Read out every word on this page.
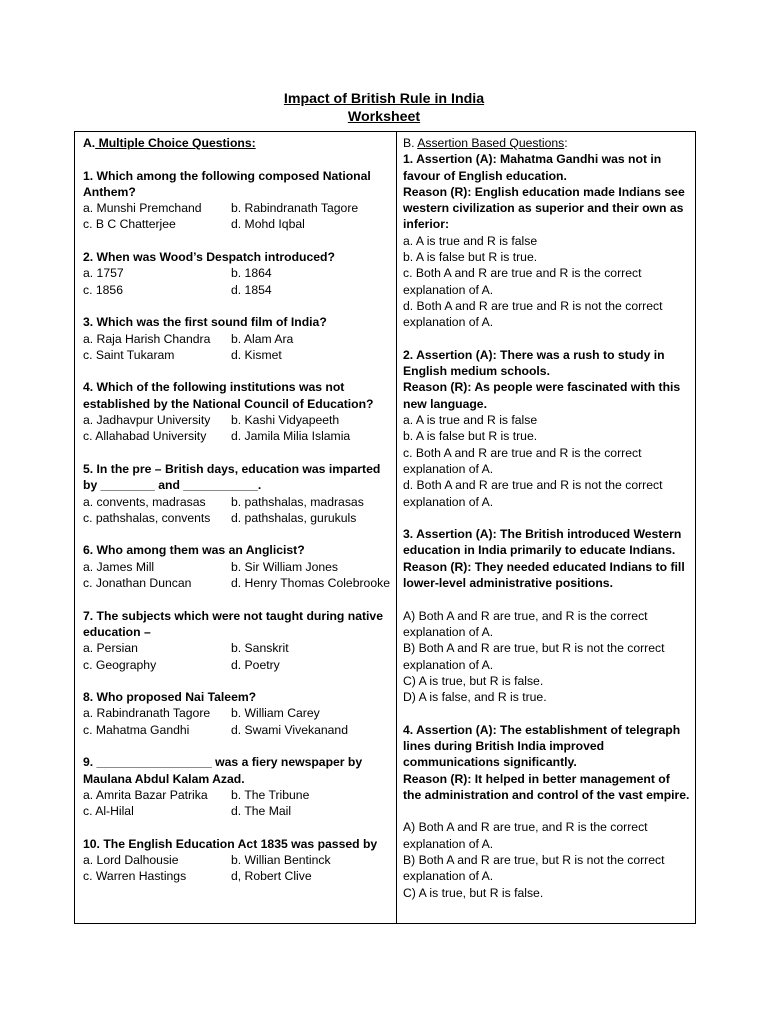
Impact of British Rule in India
Worksheet
A. Multiple Choice Questions:
1. Which among the following composed National Anthem?
a. Munshi Premchand	b. Rabindranath Tagore
c. B C Chatterjee	d. Mohd Iqbal
2. When was Wood’s Despatch introduced?
a. 1757	b. 1864
c. 1856	d. 1854
3. Which was the first sound film of India?
a. Raja Harish Chandra	b. Alam Ara
c. Saint Tukaram	d. Kismet
4. Which of the following institutions was not established by the National Council of Education?
a. Jadhavpur University	b. Kashi Vidyapeeth
c. Allahabad University	d. Jamila Milia Islamia
5. In the pre – British days, education was imparted by ________ and ___________.
a. convents, madrasas	b. pathshalas, madrasas
c. pathshalas, convents	d. pathshalas, gurukuls
6. Who among them was an Anglicist?
a. James Mill	b. Sir William Jones
c. Jonathan Duncan	d. Henry Thomas Colebrooke
7. The subjects which were not taught during native education –
a. Persian	b. Sanskrit
c. Geography	d. Poetry
8. Who proposed Nai Taleem?
a. Rabindranath Tagore	b. William Carey
c. Mahatma Gandhi	d. Swami Vivekanand
9. _________________ was a fiery newspaper by Maulana Abdul Kalam Azad.
a. Amrita Bazar Patrika	b. The Tribune
c. Al-Hilal	d. The Mail
10. The English Education Act 1835 was passed by
a. Lord Dalhousie	b. Willian Bentinck
c. Warren Hastings	d, Robert Clive
B. Assertion Based Questions:
1. Assertion (A): Mahatma Gandhi was not in favour of English education.
Reason (R): English education made Indians see western civilization as superior and their own as inferior:
a. A is true and R is false
b. A is false but R is true.
c. Both A and R are true and R is the correct explanation of A.
d. Both A and R are true and R is not the correct explanation of A.
2. Assertion (A): There was a rush to study in English medium schools.
Reason (R): As people were fascinated with this new language.
a. A is true and R is false
b. A is false but R is true.
c. Both A and R are true and R is the correct explanation of A.
d. Both A and R are true and R is not the correct explanation of A.
3. Assertion (A): The British introduced Western education in India primarily to educate Indians.
Reason (R): They needed educated Indians to fill lower-level administrative positions.
A) Both A and R are true, and R is the correct explanation of A.
B) Both A and R are true, but R is not the correct explanation of A.
C) A is true, but R is false.
D) A is false, and R is true.
4. Assertion (A): The establishment of telegraph lines during British India improved communications significantly.
Reason (R): It helped in better management of the administration and control of the vast empire.
A) Both A and R are true, and R is the correct explanation of A.
B) Both A and R are true, but R is not the correct explanation of A.
C) A is true, but R is false.
